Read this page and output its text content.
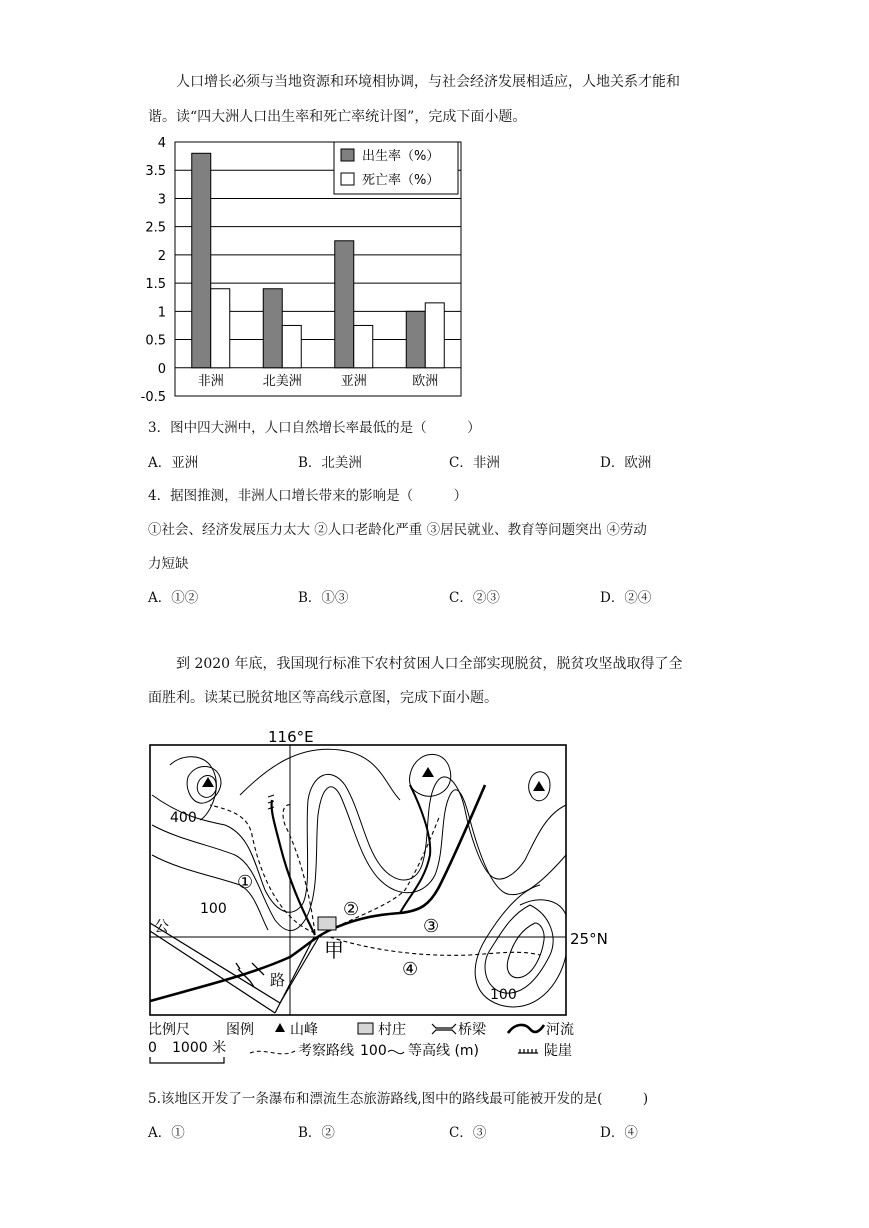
人口增长必须与当地资源和环境相协调，与社会经济发展相适应，人地关系才能和
谐。读“四大洲人口出生率和死亡率统计图”，完成下面小题。
4
3.5
3
2.5
2
1.5
1
0.5
0
-0.5
非洲	北美洲	亚洲	欧洲
出生率（%）
死亡率（%）
3．图中四大洲中，人口自然增长率最低的是（　　　）
A．亚洲	B．北美洲	C．非洲	D．欧洲
4．据图推测，非洲人口增长带来的影响是（　　　）
①社会、经济发展压力太大 ②人口老龄化严重 ③居民就业、教育等问题突出 ④劳动
力短缺
A．①②	B．①③	C．②③	D．②④
到 2020 年底，我国现行标准下农村贫困人口全部实现脱贫，脱贫攻坚战取得了全
面胜利。读某已脱贫地区等高线示意图，完成下面小题。
116°E
25°N
甲
400
100
100
①
②
③
④
公
路
比例尺	图例	山峰	村庄	桥梁	河流
0 1000 米	考察路线 100 等高线 (m)	陡崖
5.该地区开发了一条瀑布和漂流生态旅游路线,图中的路线最可能被开发的是(　　　)
A．①	B．②	C．③	D．④
